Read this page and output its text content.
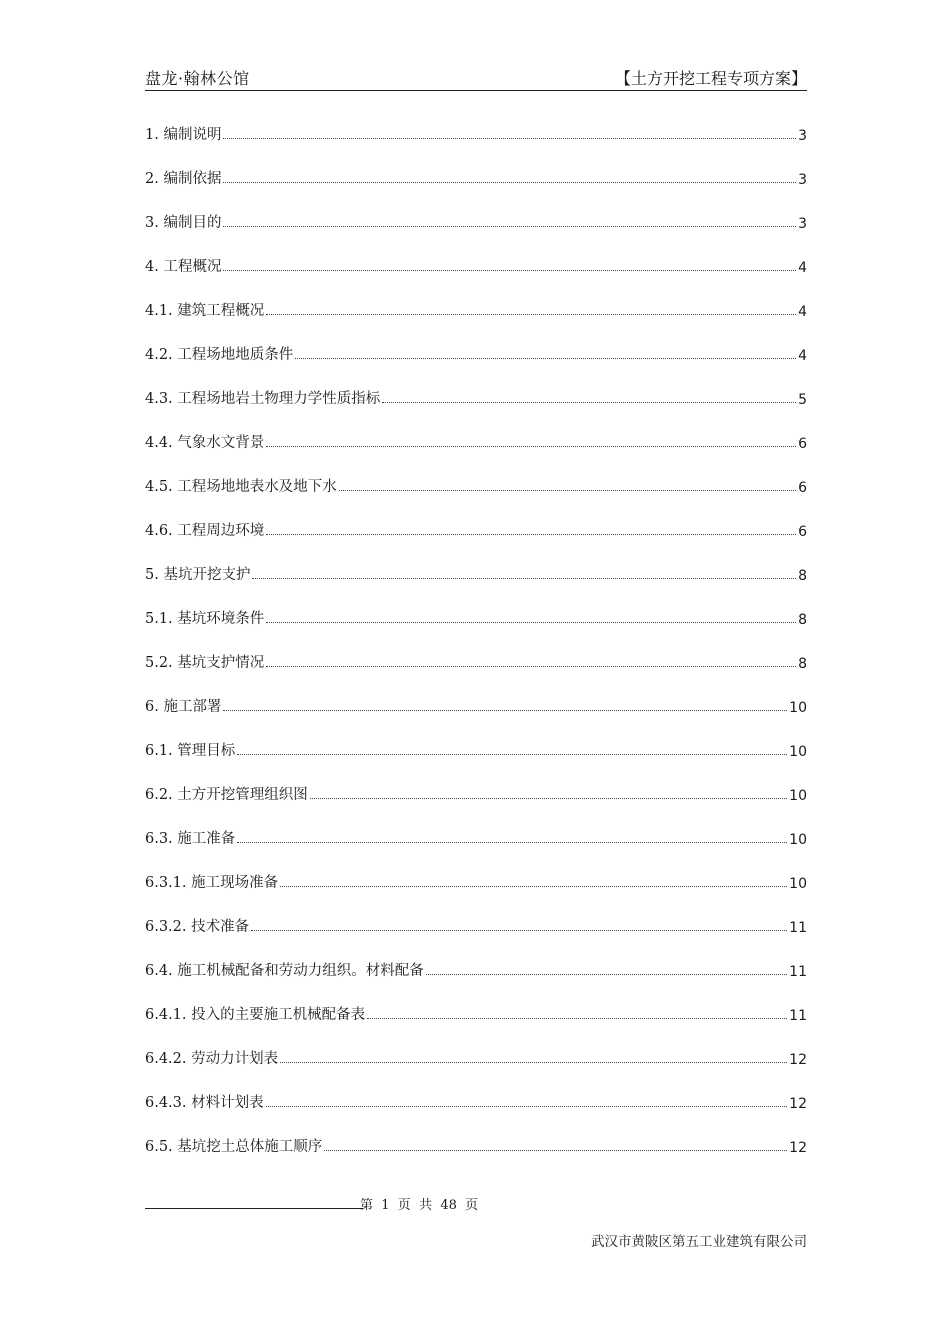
盘龙·翰林公馆	【土方开挖工程专项方案】
1. 编制说明	3
2. 编制依据	3
3. 编制目的	3
4. 工程概况	4
4.1. 建筑工程概况	4
4.2. 工程场地地质条件	4
4.3. 工程场地岩土物理力学性质指标	5
4.4. 气象水文背景	6
4.5. 工程场地地表水及地下水	6
4.6. 工程周边环境	6
5. 基坑开挖支护	8
5.1. 基坑环境条件	8
5.2. 基坑支护情况	8
6. 施工部署	10
6.1. 管理目标	10
6.2. 土方开挖管理组织图	10
6.3. 施工准备	10
6.3.1. 施工现场准备	10
6.3.2. 技术准备	11
6.4. 施工机械配备和劳动力组织。材料配备	11
6.4.1. 投入的主要施工机械配备表	11
6.4.2. 劳动力计划表	12
6.4.3. 材料计划表	12
6.5. 基坑挖土总体施工顺序	12
第  1  页  共  48  页
武汉市黄陂区第五工业建筑有限公司
